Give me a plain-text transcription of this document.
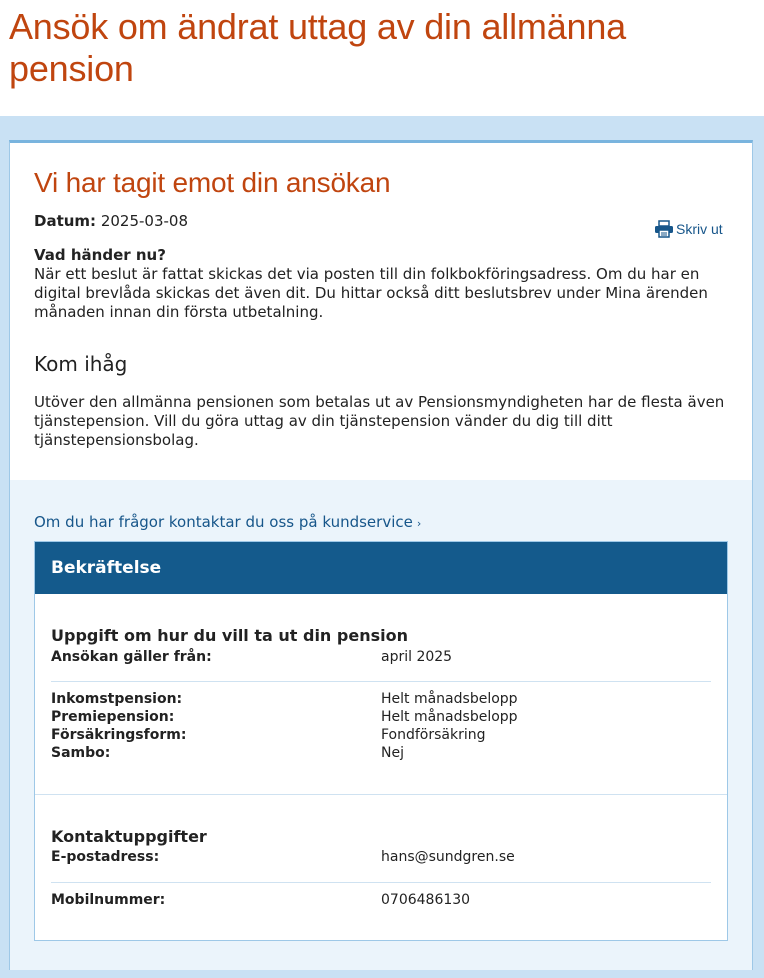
Ansök om ändrat uttag av din allmänna pension
Vi har tagit emot din ansökan
Datum: 2025-03-08	Skriv ut
Vad händer nu?

När ett beslut är fattat skickas det via posten till din folkbokföringsadress. Om du har en digital brevlåda skickas det även dit. Du hittar också ditt beslutsbrev under Mina ärenden månaden innan din första utbetalning.

Kom ihåg

Utöver den allmänna pensionen som betalas ut av Pensionsmyndigheten har de flesta även tjänstepension. Vill du göra uttag av din tjänstepension vänder du dig till ditt tjänstepensionsbolag.

Om du har frågor kontaktar du oss på kundservice ›
Bekräftelse
Uppgift om hur du vill ta ut din pension
Ansökan gäller från:	april 2025
Inkomstpension:	Helt månadsbelopp
Premiepension:	Helt månadsbelopp
Försäkringsform:	Fondförsäkring
Sambo:	Nej
Kontaktuppgifter
E-postadress:	hans@sundgren.se
Mobilnummer:	0706486130
